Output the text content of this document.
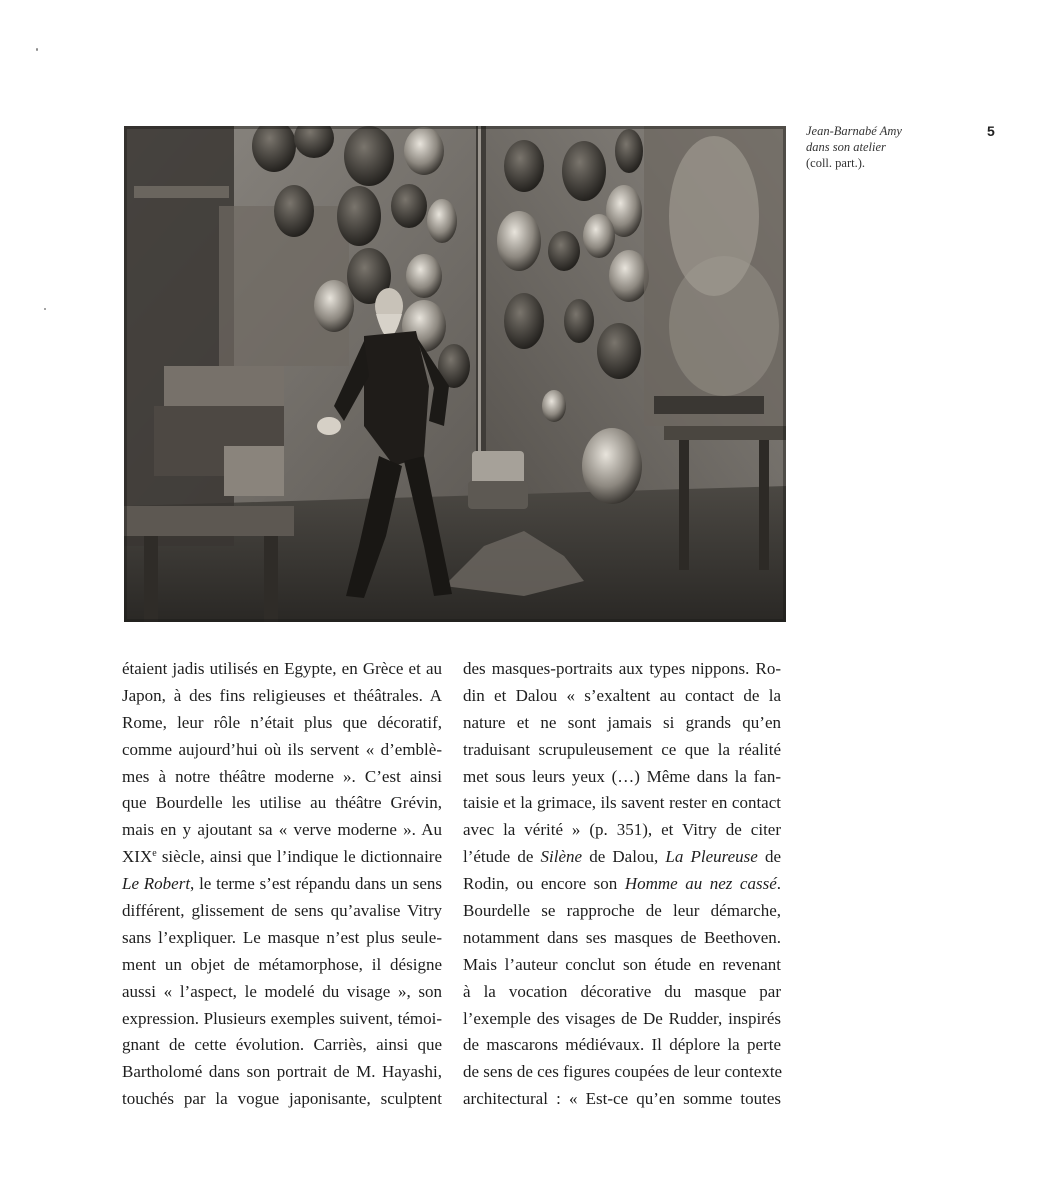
5
Jean-Barnabé Amy
dans son atelier
(coll. part.).
étaient jadis utilisés en Egypte, en Grèce et au
Japon, à des fins religieuses et théâtrales. A
Rome, leur rôle n’était plus que décoratif,
comme aujourd’hui où ils servent « d’emblè-
mes à notre théâtre moderne ». C’est ainsi
que Bourdelle les utilise au théâtre Grévin,
mais en y ajoutant sa « verve moderne ». Au
XIXe siècle, ainsi que l’indique le dictionnaire
Le Robert, le terme s’est répandu dans un sens
différent, glissement de sens qu’avalise Vitry
sans l’expliquer. Le masque n’est plus seule-
ment un objet de métamorphose, il désigne
aussi « l’aspect, le modelé du visage », son
expression. Plusieurs exemples suivent, témoi-
gnant de cette évolution. Carriès, ainsi que
Bartholomé dans son portrait de M. Hayashi,
touchés par la vogue japonisante, sculptent
des masques-portraits aux types nippons. Ro-
din et Dalou « s’exaltent au contact de la
nature et ne sont jamais si grands qu’en
traduisant scrupuleusement ce que la réalité
met sous leurs yeux (…) Même dans la fan-
taisie et la grimace, ils savent rester en contact
avec la vérité » (p. 351), et Vitry de citer
l’étude de Silène de Dalou, La Pleureuse de
Rodin, ou encore son Homme au nez cassé.
Bourdelle se rapproche de leur démarche,
notamment dans ses masques de Beethoven.
Mais l’auteur conclut son étude en revenant
à la vocation décorative du masque par
l’exemple des visages de De Rudder, inspirés
de mascarons médiévaux. Il déplore la perte
de sens de ces figures coupées de leur contexte
architectural : « Est-ce qu’en somme toutes
